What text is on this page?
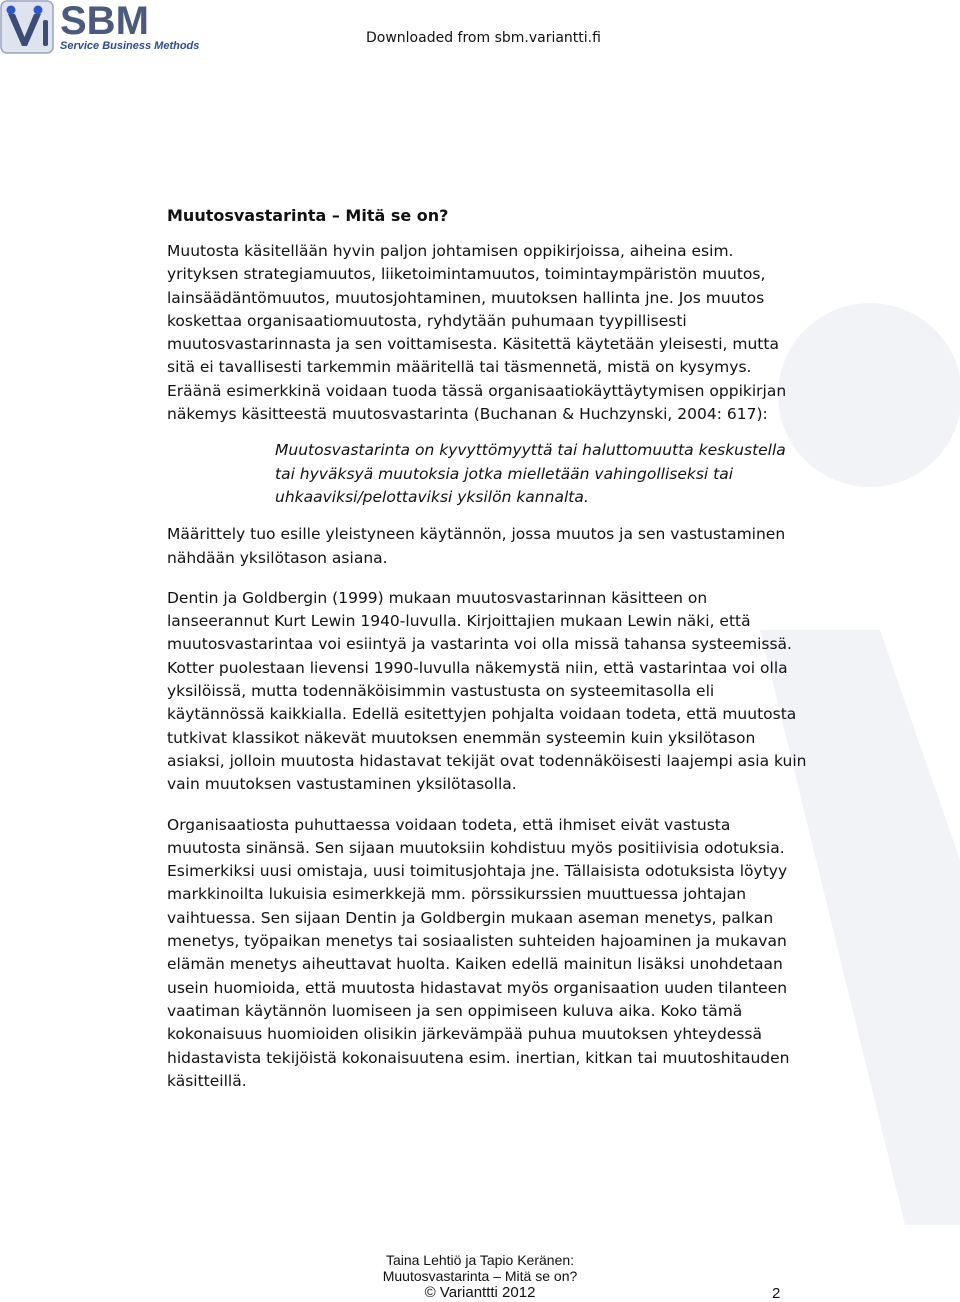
SBM
Service Business Methods	Downloaded from sbm.variantti.fi
Muutosvastarinta – Mitä se on?

Muutosta käsitellään hyvin paljon johtamisen oppikirjoissa, aiheina esim. yrityksen strategiamuutos, liiketoimintamuutos, toimintaympäristön muutos, lainsäädäntömuutos, muutosjohtaminen, muutoksen hallinta jne. Jos muutos koskettaa organisaatiomuutosta, ryhdytään puhumaan tyypillisesti muutosvastarinnasta ja sen voittamisesta. Käsitettä käytetään yleisesti, mutta sitä ei tavallisesti tarkemmin määritellä tai täsmennetä, mistä on kysymys. Eräänä esimerkkinä voidaan tuoda tässä organisaatiokäyttäytymisen oppikirjan näkemys käsitteestä muutosvastarinta (Buchanan & Huchzynski, 2004: 617):

Muutosvastarinta on kyvyttömyyttä tai haluttomuutta keskustella tai hyväksyä muutoksia jotka mielletään vahingolliseksi tai uhkaaviksi/pelottaviksi yksilön kannalta.

Määrittely tuo esille yleistyneen käytännön, jossa muutos ja sen vastustaminen nähdään yksilötason asiana.

Dentin ja Goldbergin (1999) mukaan muutosvastarinnan käsitteen on lanseerannut Kurt Lewin 1940-luvulla. Kirjoittajien mukaan Lewin näki, että muutosvastarintaa voi esiintyä ja vastarinta voi olla missä tahansa systeemissä. Kotter puolestaan lievensi 1990-luvulla näkemystä niin, että vastarintaa voi olla yksilöissä, mutta todennäköisimmin vastustusta on systeemitasolla eli käytännössä kaikkialla. Edellä esitettyjen pohjalta voidaan todeta, että muutosta tutkivat klassikot näkevät muutoksen enemmän systeemin kuin yksilötason asiaksi, jolloin muutosta hidastavat tekijät ovat todennäköisesti laajempi asia kuin vain muutoksen vastustaminen yksilötasolla.

Organisaatiosta puhuttaessa voidaan todeta, että ihmiset eivät vastusta muutosta sinänsä. Sen sijaan muutoksiin kohdistuu myös positiivisia odotuksia. Esimerkiksi uusi omistaja, uusi toimitusjohtaja jne. Tällaisista odotuksista löytyy markkinoilta lukuisia esimerkkejä mm. pörssikurssien muuttuessa johtajan vaihtuessa. Sen sijaan Dentin ja Goldbergin mukaan aseman menetys, palkan menetys, työpaikan menetys tai sosiaalisten suhteiden hajoaminen ja mukavan elämän menetys aiheuttavat huolta. Kaiken edellä mainitun lisäksi unohdetaan usein huomioida, että muutosta hidastavat myös organisaation uuden tilanteen vaatiman käytännön luomiseen ja sen oppimiseen kuluva aika. Koko tämä kokonaisuus huomioiden olisikin järkevämpää puhua muutoksen yhteydessä hidastavista tekijöistä kokonaisuutena esim. inertian, kitkan tai muutoshitauden käsitteillä.

Taina Lehtiö ja Tapio Keränen:
Muutosvastarinta – Mitä se on?
© Varianttti 2012	2
